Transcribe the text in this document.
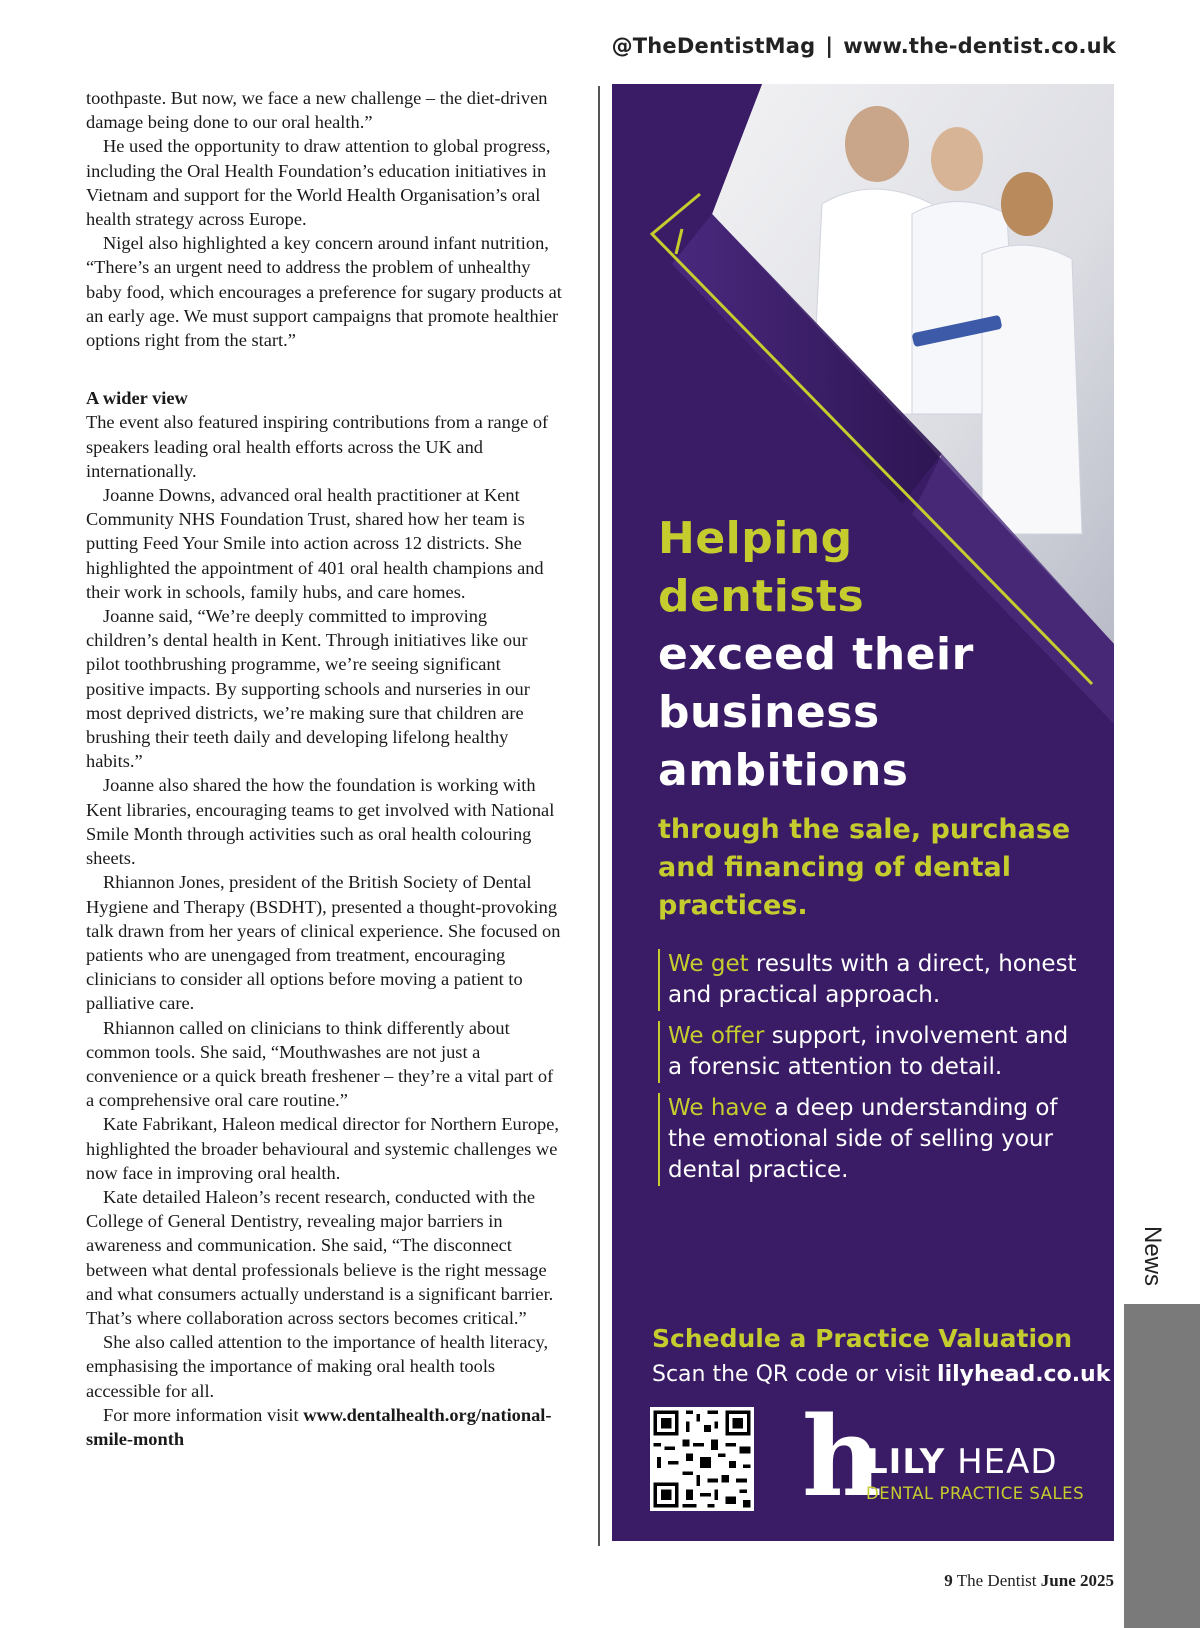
@TheDentistMag | www.the-dentist.co.uk

toothpaste. But now, we face a new challenge – the diet-driven damage being done to our oral health.”

He used the opportunity to draw attention to global progress, including the Oral Health Foundation’s education initiatives in Vietnam and support for the World Health Organisation’s oral health strategy across Europe.

Nigel also highlighted a key concern around infant nutrition, “There’s an urgent need to address the problem of unhealthy baby food, which encourages a preference for sugary products at an early age. We must support campaigns that promote healthier options right from the start.”

A wider view

The event also featured inspiring contributions from a range of speakers leading oral health efforts across the UK and internationally.

Joanne Downs, advanced oral health practitioner at Kent Community NHS Foundation Trust, shared how her team is putting Feed Your Smile into action across 12 districts. She highlighted the appointment of 401 oral health champions and their work in schools, family hubs, and care homes.

Joanne said, “We’re deeply committed to improving children’s dental health in Kent. Through initiatives like our pilot toothbrushing programme, we’re seeing significant positive impacts. By supporting schools and nurseries in our most deprived districts, we’re making sure that children are brushing their teeth daily and developing lifelong healthy habits.”

Joanne also shared the how the foundation is working with Kent libraries, encouraging teams to get involved with National Smile Month through activities such as oral health colouring sheets.

Rhiannon Jones, president of the British Society of Dental Hygiene and Therapy (BSDHT), presented a thought-provoking talk drawn from her years of clinical experience. She focused on patients who are unengaged from treatment, encouraging clinicians to consider all options before moving a patient to palliative care.

Rhiannon called on clinicians to think differently about common tools. She said, “Mouthwashes are not just a convenience or a quick breath freshener – they’re a vital part of a comprehensive oral care routine.”

Kate Fabrikant, Haleon medical director for Northern Europe, highlighted the broader behavioural and systemic challenges we now face in improving oral health.

Kate detailed Haleon’s recent research, conducted with the College of General Dentistry, revealing major barriers in awareness and communication. She said, “The disconnect between what dental professionals believe is the right message and what consumers actually understand is a significant barrier. That’s where collaboration across sectors becomes critical.”

She also called attention to the importance of health literacy, emphasising the importance of making oral health tools accessible for all.

For more information visit www.dentalhealth.org/national-smile-month

Helping
dentists
exceed their
business
ambitions
through the sale, purchase and financing of dental practices.
We get results with a direct, honest and practical approach.
We offer support, involvement and a forensic attention to detail.
We have a deep understanding of the emotional side of selling your dental practice.
Schedule a Practice Valuation
Scan the QR code or visit lilyhead.co.uk
h
LILY HEAD
DENTAL PRACTICE SALES
News
9 The Dentist June 2025
